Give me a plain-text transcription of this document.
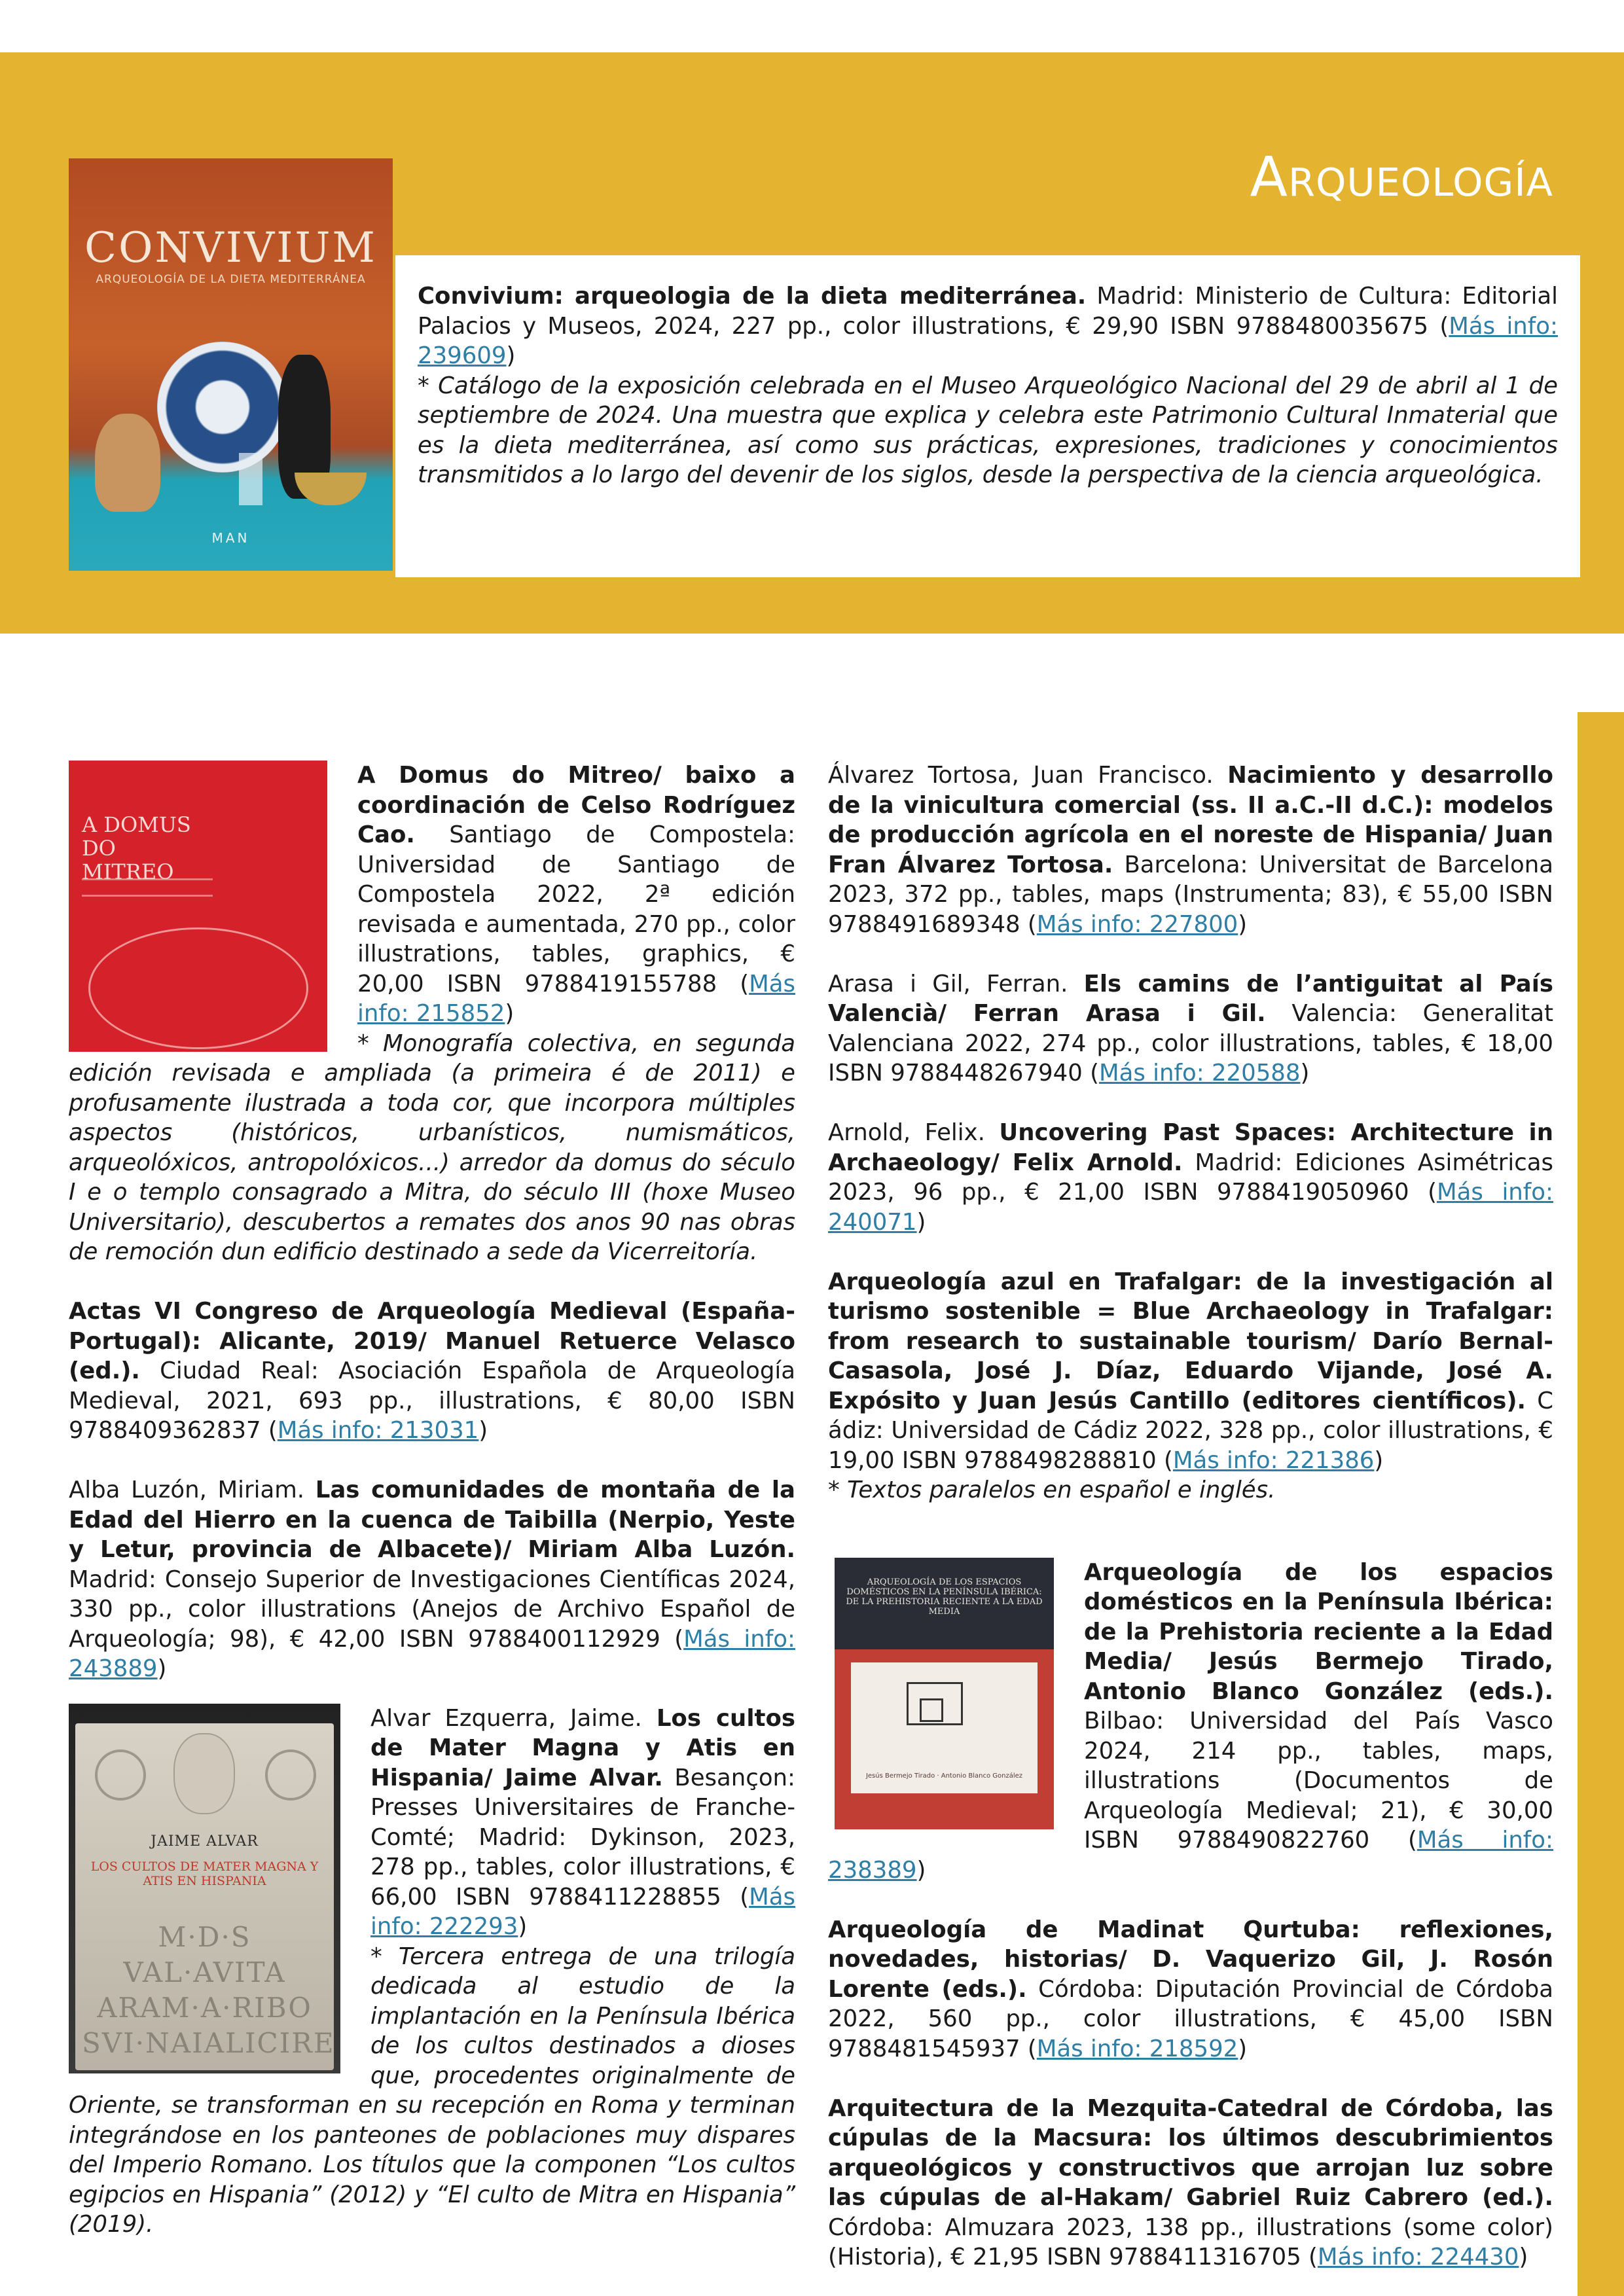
Arqueología
CONVIVIUM
ARQUEOLOGÍA DE LA DIETA MEDITERRÁNEA
MAN

Convivium: arqueologia de la dieta mediterránea. Madrid: Ministerio de Cultura: Editorial Palacios y Museos, 2024, 227 pp., color illustrations, € 29,90 ISBN 9788480035675 (Más info: 239609)

* Catálogo de la exposición celebrada en el Museo Arqueológico Nacional del 29 de abril al 1 de septiembre de 2024. Una muestra que explica y celebra este Patrimonio Cultural Inmaterial que es la dieta mediterránea, así como sus prácticas, expresiones, tradiciones y conocimientos transmitidos a lo largo del devenir de los siglos, desde la perspectiva de la ciencia arqueológica.

A DOMUS DO MITREO

A Domus do Mitreo/ baixo a coordinación de Celso Rodríguez Cao. Santiago de Compostela: Universidad de Santiago de Compostela 2022, 2ª edición revisada e aumentada, 270 pp., color illustrations, tables, graphics, € 20,00 ISBN 9788419155788 (Más info: 215852)

* Monografía colectiva, en segunda edición revisada e ampliada (a primeira é de 2011) e profusamente ilustrada a toda cor, que incorpora múltiples aspectos (históricos, urbanísticos, numismáticos, arqueolóxicos, antropolóxicos...) arredor da domus do século I e o templo consagrado a Mitra, do século III (hoxe Museo Universitario), descubertos a remates dos anos 90 nas obras de remoción dun edificio destinado a sede da Vicerreitoría.

Actas VI Congreso de Arqueología Medieval (España-Portugal): Alicante, 2019/ Manuel Retuerce Velasco (ed.). Ciudad Real: Asociación Española de Arqueología Medieval, 2021, 693 pp., illustrations, € 80,00 ISBN 9788409362837 (Más info: 213031)

Alba Luzón, Miriam. Las comunidades de montaña de la Edad del Hierro en la cuenca de Taibilla (Nerpio, Yeste y Letur, provincia de Albacete)/ Miriam Alba Luzón. Madrid: Consejo Superior de Investigaciones Científicas 2024, 330 pp., color illustrations (Anejos de Archivo Español de Arqueología; 98), € 42,00 ISBN 9788400112929 (Más info: 243889)

JAIME ALVAR
LOS CULTOS DE MATER MAGNA Y ATIS EN HISPANIA
M·D·S VAL·AVITA ARAM·A·RIBO SVI·NAIALICIRE

Alvar Ezquerra, Jaime. Los cultos de Mater Magna y Atis en Hispania/ Jaime Alvar. Besançon: Presses Universitaires de Franche-Comté; Madrid: Dykinson, 2023, 278 pp., tables, color illustrations, € 66,00 ISBN 9788411228855 (Más info: 222293)

* Tercera entrega de una trilogía dedicada al estudio de la implantación en la Península Ibérica de los cultos destinados a dioses que, procedentes originalmente de Oriente, se transforman en su recepción en Roma y terminan integrándose en los panteones de poblaciones muy dispares del Imperio Romano. Los títulos que la componen “Los cultos egipcios en Hispania” (2012) y “El culto de Mitra en Hispania” (2019).

Álvarez Tortosa, Juan Francisco. Nacimiento y desarrollo de la vinicultura comercial (ss. II a.C.-II d.C.): modelos de producción agrícola en el noreste de Hispania/ Juan Fran Álvarez Tortosa. Barcelona: Universitat de Barcelona 2023, 372 pp., tables, maps (Instrumenta; 83), € 55,00 ISBN 9788491689348 (Más info: 227800)

Arasa i Gil, Ferran. Els camins de l’antiguitat al País Valencià/ Ferran Arasa i Gil. Valencia: Generalitat Valenciana 2022, 274 pp., color illustrations, tables, € 18,00 ISBN 9788448267940 (Más info: 220588)

Arnold, Felix. Uncovering Past Spaces: Architecture in Archaeology/ Felix Arnold. Madrid: Ediciones Asimétricas 2023, 96 pp., € 21,00 ISBN 9788419050960 (Más info: 240071)

Arqueología azul en Trafalgar: de la investigación al turismo sostenible = Blue Archaeology in Trafalgar: from research to sustainable tourism/ Darío Bernal-Casasola, José J. Díaz, Eduardo Vijande, José A. Expósito y Juan Jesús Cantillo (editores científicos). C ádiz: Universidad de Cádiz 2022, 328 pp., color illustrations, € 19,00 ISBN 9788498288810 (Más info: 221386)

* Textos paralelos en español e inglés.

ARQUEOLOGÍA DE LOS ESPACIOS DOMÉSTICOS EN LA PENÍNSULA IBÉRICA: DE LA PREHISTORIA RECIENTE A LA EDAD MEDIA
Jesús Bermejo Tirado · Antonio Blanco González

Arqueología de los espacios domésticos en la Península Ibérica: de la Prehistoria reciente a la Edad Media/ Jesús Bermejo Tirado, Antonio Blanco González (eds.). Bilbao: Universidad del País Vasco 2024, 214 pp., tables, maps, illustrations (Documentos de Arqueología Medieval; 21), € 30,00 ISBN 9788490822760 (Más info: 238389)

Arqueología de Madinat Qurtuba: reflexiones, novedades, historias/ D. Vaquerizo Gil, J. Rosón Lorente (eds.). Córdoba: Diputación Provincial de Córdoba 2022, 560 pp., color illustrations, € 45,00 ISBN 9788481545937 (Más info: 218592)

Arquitectura de la Mezquita-Catedral de Córdoba, las cúpulas de la Macsura: los últimos descubrimientos arqueológicos y constructivos que arrojan luz sobre las cúpulas de al-Hakam/ Gabriel Ruiz Cabrero (ed.). Córdoba: Almuzara 2023, 138 pp., illustrations (some color) (Historia), € 21,95 ISBN 9788411316705 (Más info: 224430)
